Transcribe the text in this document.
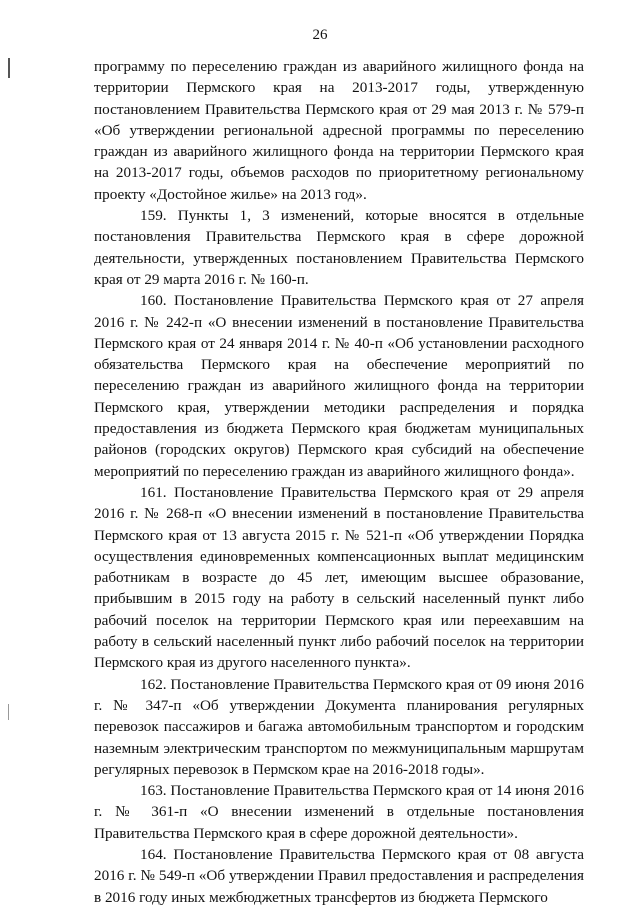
26

программу по переселению граждан из аварийного жилищного фонда на территории Пермского края на 2013-2017 годы, утвержденную постановлением Правительства Пермского края от 29 мая 2013 г. № 579-п «Об утверждении региональной адресной программы по переселению граждан из аварийного жилищного фонда на территории Пермского края на 2013-2017 годы, объемов расходов по приоритетному региональному проекту «Достойное жилье» на 2013 год».

159. Пункты 1, 3 изменений, которые вносятся в отдельные постановления Правительства Пермского края в сфере дорожной деятельности, утвержденных постановлением Правительства Пермского края от 29 марта 2016 г. № 160-п.

160. Постановление Правительства Пермского края от 27 апреля 2016 г. № 242-п «О внесении изменений в постановление Правительства Пермского края от 24 января 2014 г. № 40-п «Об установлении расходного обязательства Пермского края на обеспечение мероприятий по переселению граждан из аварийного жилищного фонда на территории Пермского края, утверждении методики распределения и порядка предоставления из бюджета Пермского края бюджетам муниципальных районов (городских округов) Пермского края субсидий на обеспечение мероприятий по переселению граждан из аварийного жилищного фонда».

161. Постановление Правительства Пермского края от 29 апреля 2016 г. № 268-п «О внесении изменений в постановление Правительства Пермского края от 13 августа 2015 г. № 521-п «Об утверждении Порядка осуществления единовременных компенсационных выплат медицинским работникам в возрасте до 45 лет, имеющим высшее образование, прибывшим в 2015 году на работу в сельский населенный пункт либо рабочий поселок на территории Пермского края или переехавшим на работу в сельский населенный пункт либо рабочий поселок на территории Пермского края из другого населенного пункта».

162. Постановление Правительства Пермского края от 09 июня 2016 г. № 347-п «Об утверждении Документа планирования регулярных перевозок пассажиров и багажа автомобильным транспортом и городским наземным электрическим транспортом по межмуниципальным маршрутам регулярных перевозок в Пермском крае на 2016-2018 годы».

163. Постановление Правительства Пермского края от 14 июня 2016 г. № 361-п «О внесении изменений в отдельные постановления Правительства Пермского края в сфере дорожной деятельности».

164. Постановление Правительства Пермского края от 08 августа 2016 г. № 549-п «Об утверждении Правил предоставления и распределения в 2016 году иных межбюджетных трансфертов из бюджета Пермского
